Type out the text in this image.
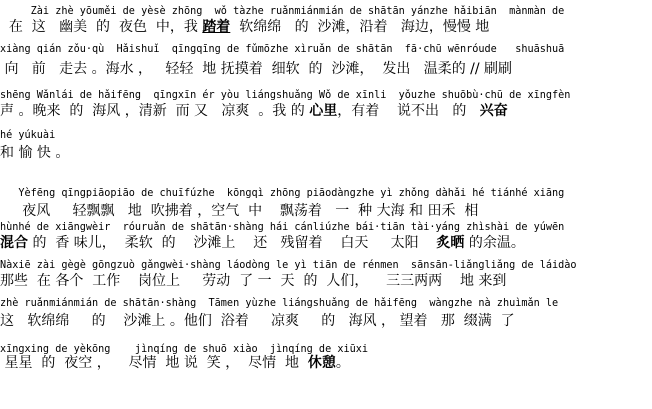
Zài zhè yōuměi de yèsè zhōng  wǒ tàzhe ruǎnmiánmián de shātān yánzhe hǎibiān  mànmàn de
在  这   幽美  的  夜色  中，我 踏着  软绵绵   的  沙滩，沿着   海边，慢慢 地
xiàng qián zǒu·qù  Hǎishuǐ  qīngqīng de fǔmōzhe xìruǎn de shātān  fā·chū wēnróude   shuāshuā
向   前   走去 。海水 ，   轻轻  地 抚摸着  细软  的  沙滩，  发出   温柔的 // 刷刷
shēng Wǎnlái de hǎifēng  qīngxīn ér yòu liángshuǎng Wǒ de xīnli  yǒuzhe shuōbù·chū de xīngfèn
声 。晚来  的  海风 ，清新  而 又   凉爽  。我 的 心里，有着    说不出   的   兴奋
hé yúkuài
和 愉 快 。
Yèfēng qīngpiāopiāo de chuīfúzhe  kōngqì zhōng piāodàngzhe yì zhǒng dàhǎi hé tiánhé xiāng
夜风     轻飘飘   地  吹拂着 ，空气  中    飘荡着   一  种 大海 和 田禾  相
hùnhé de xiāngwèir  róuruǎn de shātān·shàng hái cánliúzhe bái·tiān tài·yáng zhìshài de yúwēn
混合 的  香 味儿，  柔软  的    沙滩上    还   残留着    白天     太阳    炙晒 的余温。
Nàxiē zài gègè gōngzuò gǎngwèi·shàng láodòng le yì tiān de rénmen  sānsān-liǎngliǎng de láidào
那些  在 各个  工作    岗位上     劳动  了 一  天  的  人们，    三三两两    地 来到
zhè ruǎnmiánmián de shātān·shàng  Tāmen yùzhe liángshuǎng de hǎifēng  wàngzhe nà zhuìmǎn le
这   软绵绵     的    沙滩上 。他们  浴着     凉爽     的   海风 ， 望着   那  缀满  了
xīngxing de yèkōng    jìnqíng de shuō xiào  jìnqíng de xiūxi
星星  的  夜空 ，    尽情  地 说  笑 ，  尽情  地  休憩。
